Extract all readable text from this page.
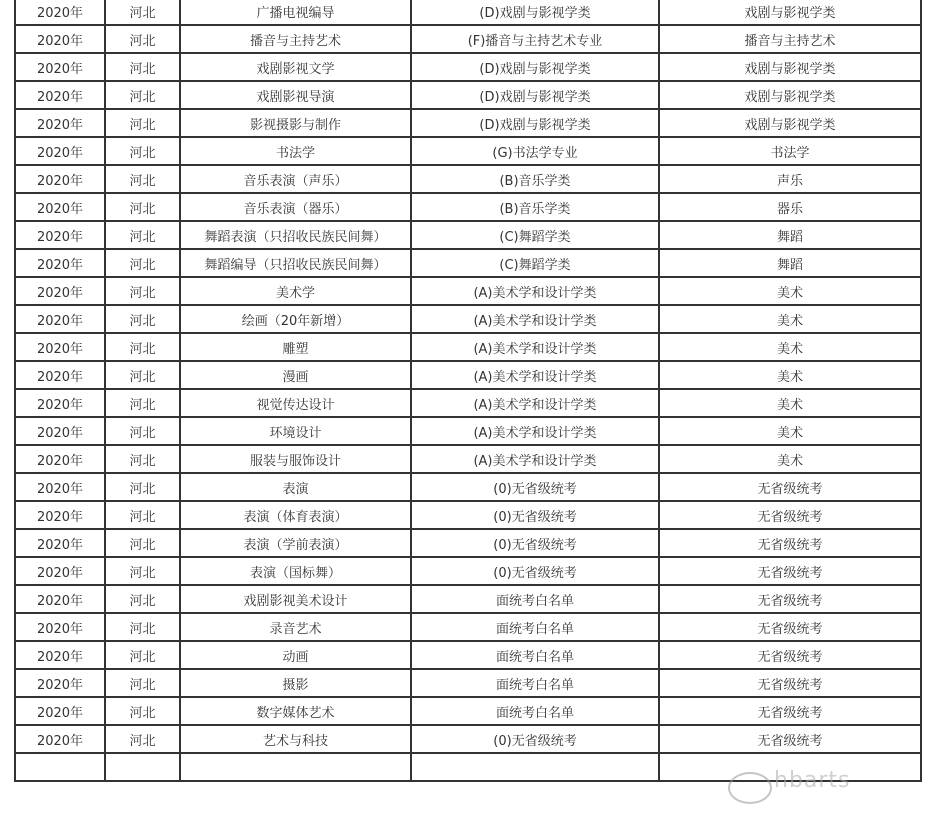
2020年	河北	广播电视编导	(D)戏剧与影视学类	戏剧与影视学类
2020年	河北	播音与主持艺术	(F)播音与主持艺术专业	播音与主持艺术
2020年	河北	戏剧影视文学	(D)戏剧与影视学类	戏剧与影视学类
2020年	河北	戏剧影视导演	(D)戏剧与影视学类	戏剧与影视学类
2020年	河北	影视摄影与制作	(D)戏剧与影视学类	戏剧与影视学类
2020年	河北	书法学	(G)书法学专业	书法学
2020年	河北	音乐表演（声乐）	(B)音乐学类	声乐
2020年	河北	音乐表演（器乐）	(B)音乐学类	器乐
2020年	河北	舞蹈表演（只招收民族民间舞）	(C)舞蹈学类	舞蹈
2020年	河北	舞蹈编导（只招收民族民间舞）	(C)舞蹈学类	舞蹈
2020年	河北	美术学	(A)美术学和设计学类	美术
2020年	河北	绘画（20年新增）	(A)美术学和设计学类	美术
2020年	河北	雕塑	(A)美术学和设计学类	美术
2020年	河北	漫画	(A)美术学和设计学类	美术
2020年	河北	视觉传达设计	(A)美术学和设计学类	美术
2020年	河北	环境设计	(A)美术学和设计学类	美术
2020年	河北	服装与服饰设计	(A)美术学和设计学类	美术
2020年	河北	表演	(0)无省级统考	无省级统考
2020年	河北	表演（体育表演）	(0)无省级统考	无省级统考
2020年	河北	表演（学前表演）	(0)无省级统考	无省级统考
2020年	河北	表演（国标舞）	(0)无省级统考	无省级统考
2020年	河北	戏剧影视美术设计	面统考白名单	无省级统考
2020年	河北	录音艺术	面统考白名单	无省级统考
2020年	河北	动画	面统考白名单	无省级统考
2020年	河北	摄影	面统考白名单	无省级统考
2020年	河北	数字媒体艺术	面统考白名单	无省级统考
2020年	河北	艺术与科技	(0)无省级统考	无省级统考

hbarts
